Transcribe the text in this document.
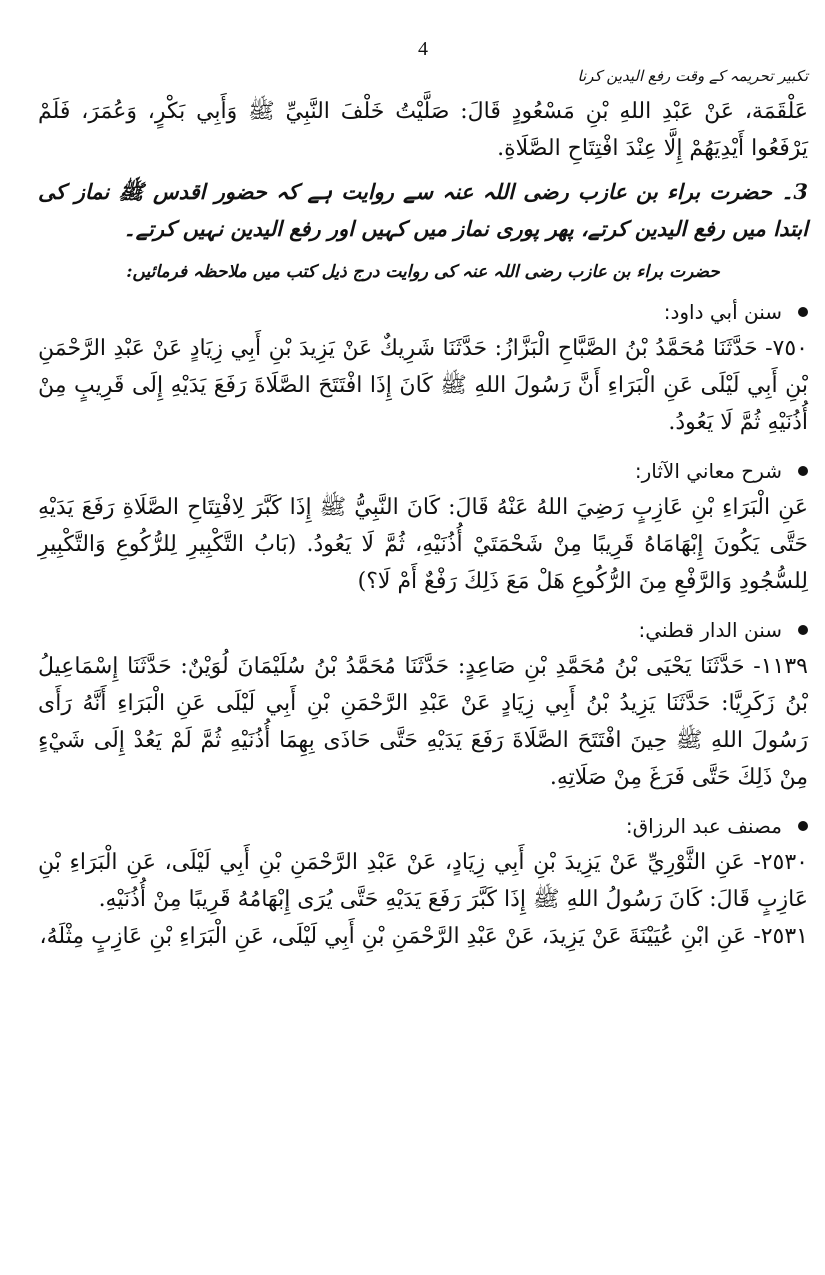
4
تکبیر تحریمہ کے وقت رفع الیدین کرنا

عَلْقَمَة، عَنْ عَبْدِ اللهِ بْنِ مَسْعُودٍ قَالَ: صَلَّيْتُ خَلْفَ النَّبِيِّ ﷺ وَأَبِي بَكْرٍ، وَعُمَرَ، فَلَمْ يَرْفَعُوا أَيْدِيَهُمْ إِلَّا عِنْدَ افْتِتَاحِ الصَّلَاةِ.

3۔ حضرت براء بن عازب رضی اللہ عنہ سے روایت ہے کہ حضور اقدس ﷺ نماز کی ابتدا میں رفع الیدین کرتے، پھر پوری نماز میں کہیں اور رفع الیدین نہیں کرتے۔

حضرت براء بن عازب رضی اللہ عنہ کی روایت درج ذیل کتب میں ملاحظہ فرمائیں:
سنن أبي داود:

٧٥٠- حَدَّثَنَا مُحَمَّدُ بْنُ الصَّبَّاحِ الْبَزَّازُ: حَدَّثَنَا شَرِيكٌ عَنْ يَزِيدَ بْنِ أَبِي زِيَادٍ عَنْ عَبْدِ الرَّحْمَنِ بْنِ أَبِي لَيْلَى عَنِ الْبَرَاءِ أَنَّ رَسُولَ اللهِ ﷺ كَانَ إِذَا افْتَتَحَ الصَّلَاةَ رَفَعَ يَدَيْهِ إِلَى قَرِيبٍ مِنْ أُذُنَيْهِ ثُمَّ لَا يَعُودُ.

شرح معاني الآثار:

عَنِ الْبَرَاءِ بْنِ عَازِبٍ رَضِيَ اللهُ عَنْهُ قَالَ: كَانَ النَّبِيُّ ﷺ إِذَا كَبَّرَ لِافْتِتَاحِ الصَّلَاةِ رَفَعَ يَدَيْهِ حَتَّى يَكُونَ إِبْهَامَاهُ قَرِيبًا مِنْ شَحْمَتَيْ أُذُنَيْهِ، ثُمَّ لَا يَعُودُ. (بَابُ التَّكْبِيرِ لِلرُّكُوعِ وَالتَّكْبِيرِ لِلسُّجُودِ وَالرَّفْعِ مِنَ الرُّكُوعِ هَلْ مَعَ ذَلِكَ رَفْعٌ أَمْ لَا؟)

سنن الدار قطني:

١١٣٩- حَدَّثَنَا يَحْيَى بْنُ مُحَمَّدِ بْنِ صَاعِدٍ: حَدَّثَنَا مُحَمَّدُ بْنُ سُلَيْمَانَ لُوَيْنٌ: حَدَّثَنَا إِسْمَاعِيلُ بْنُ زَكَرِيَّا: حَدَّثَنَا يَزِيدُ بْنُ أَبِي زِيَادٍ عَنْ عَبْدِ الرَّحْمَنِ بْنِ أَبِي لَيْلَى عَنِ الْبَرَاءِ أَنَّهُ رَأَى رَسُولَ اللهِ ﷺ حِينَ افْتَتَحَ الصَّلَاةَ رَفَعَ يَدَيْهِ حَتَّى حَاذَى بِهِمَا أُذُنَيْهِ ثُمَّ لَمْ يَعُدْ إِلَى شَيْءٍ مِنْ ذَلِكَ حَتَّى فَرَغَ مِنْ صَلَاتِهِ.

مصنف عبد الرزاق:

٢٥٣٠- عَنِ الثَّوْرِيِّ عَنْ يَزِيدَ بْنِ أَبِي زِيَادٍ، عَنْ عَبْدِ الرَّحْمَنِ بْنِ أَبِي لَيْلَى، عَنِ الْبَرَاءِ بْنِ عَازِبٍ قَالَ: كَانَ رَسُولُ اللهِ ﷺ إِذَا كَبَّرَ رَفَعَ يَدَيْهِ حَتَّى يُرَى إِبْهَامُهُ قَرِيبًا مِنْ أُذُنَيْهِ.

٢٥٣١- عَنِ ابْنِ عُيَيْنَةَ عَنْ يَزِيدَ، عَنْ عَبْدِ الرَّحْمَنِ بْنِ أَبِي لَيْلَى، عَنِ الْبَرَاءِ بْنِ عَازِبٍ مِثْلَهُ،
